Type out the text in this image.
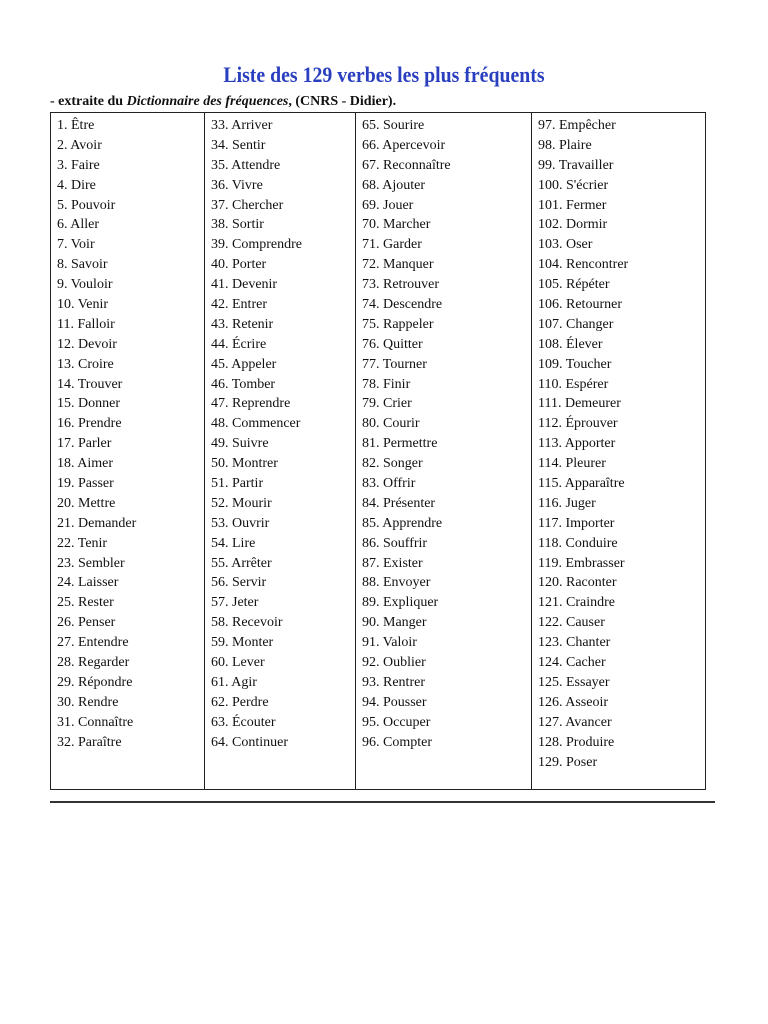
Liste des 129 verbes les plus fréquents
- extraite du Dictionnaire des fréquences, (CNRS - Didier).
1. Être
2. Avoir
3. Faire
4. Dire
5. Pouvoir
6. Aller
7. Voir
8. Savoir
9. Vouloir
10. Venir
11. Falloir
12. Devoir
13. Croire
14. Trouver
15. Donner
16. Prendre
17. Parler
18. Aimer
19. Passer
20. Mettre
21. Demander
22. Tenir
23. Sembler
24. Laisser
25. Rester
26. Penser
27. Entendre
28. Regarder
29. Répondre
30. Rendre
31. Connaître
32. Paraître
33. Arriver
34. Sentir
35. Attendre
36. Vivre
37. Chercher
38. Sortir
39. Comprendre
40. Porter
41. Devenir
42. Entrer
43. Retenir
44. Écrire
45. Appeler
46. Tomber
47. Reprendre
48. Commencer
49. Suivre
50. Montrer
51. Partir
52. Mourir
53. Ouvrir
54. Lire
55. Arrêter
56. Servir
57. Jeter
58. Recevoir
59. Monter
60. Lever
61. Agir
62. Perdre
63. Écouter
64. Continuer
65. Sourire
66. Apercevoir
67. Reconnaître
68. Ajouter
69. Jouer
70. Marcher
71. Garder
72. Manquer
73. Retrouver
74. Descendre
75. Rappeler
76. Quitter
77. Tourner
78. Finir
79. Crier
80. Courir
81. Permettre
82. Songer
83. Offrir
84. Présenter
85. Apprendre
86. Souffrir
87. Exister
88. Envoyer
89. Expliquer
90. Manger
91. Valoir
92. Oublier
93. Rentrer
94. Pousser
95. Occuper
96. Compter
97. Empêcher
98. Plaire
99. Travailler
100. S'écrier
101. Fermer
102. Dormir
103. Oser
104. Rencontrer
105. Répéter
106. Retourner
107. Changer
108. Élever
109. Toucher
110. Espérer
111. Demeurer
112. Éprouver
113. Apporter
114. Pleurer
115. Apparaître
116. Juger
117. Importer
118. Conduire
119. Embrasser
120. Raconter
121. Craindre
122. Causer
123. Chanter
124. Cacher
125. Essayer
126. Asseoir
127. Avancer
128. Produire
129. Poser
